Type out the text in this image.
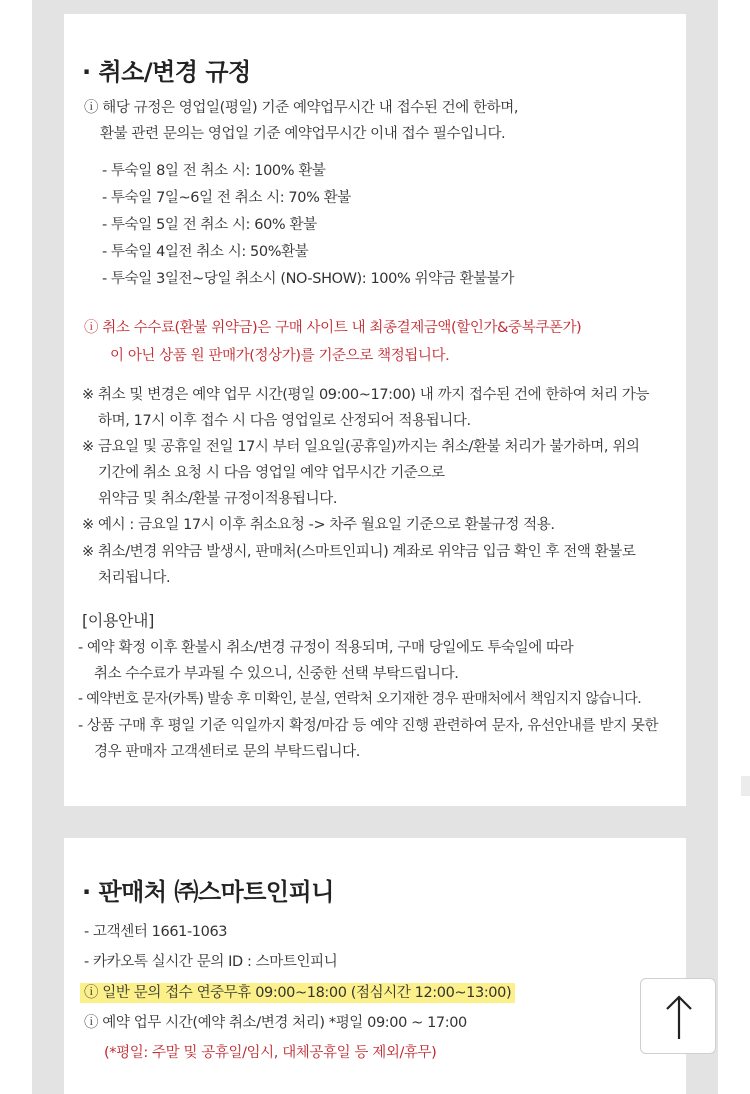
· 취소/변경 규정
ⓘ 해당 규정은 영업일(평일) 기준 예약업무시간 내 접수된 건에 한하며,
환불 관련 문의는 영업일 기준 예약업무시간 이내 접수 필수입니다.
- 투숙일 8일 전 취소 시: 100% 환불
- 투숙일 7일~6일 전 취소 시: 70% 환불
- 투숙일 5일 전 취소 시: 60% 환불
- 투숙일 4일전 취소 시: 50%환불
- 투숙일 3일전~당일 취소시 (NO-SHOW): 100% 위약금 환불불가
ⓘ 취소 수수료(환불 위약금)은 구매 사이트 내 최종결제금액(할인가&중복쿠폰가)
이 아닌 상품 원 판매가(정상가)를 기준으로 책정됩니다.
※ 취소 및 변경은 예약 업무 시간(평일 09:00~17:00) 내 까지 접수된 건에 한하여 처리 가능
하며, 17시 이후 접수 시 다음 영업일로 산정되어 적용됩니다.
※ 금요일 및 공휴일 전일 17시 부터 일요일(공휴일)까지는 취소/환불 처리가 불가하며, 위의
기간에 취소 요청 시 다음 영업일 예약 업무시간 기준으로
위약금 및 취소/환불 규정이적용됩니다.
※ 예시 : 금요일 17시 이후 취소요청 -> 차주 월요일 기준으로 환불규정 적용.
※ 취소/변경 위약금 발생시, 판매처(스마트인피니) 계좌로 위약금 입금 확인 후 전액 환불로
처리됩니다.
[이용안내]
- 예약 확정 이후 환불시 취소/변경 규정이 적용되며, 구매 당일에도 투숙일에 따라
취소 수수료가 부과될 수 있으니, 신중한 선택 부탁드립니다.
- 예약번호 문자(카톡) 발송 후 미확인, 분실, 연락처 오기재한 경우 판매처에서 책임지지 않습니다.
- 상품 구매 후 평일 기준 익일까지 확정/마감 등 예약 진행 관련하여 문자, 유선안내를 받지 못한
경우 판매자 고객센터로 문의 부탁드립니다.
· 판매처 ㈜스마트인피니
- 고객센터 1661-1063
- 카카오톡 실시간 문의 ID : 스마트인피니
ⓘ 일반 문의 접수 연중무휴 09:00~18:00 (점심시간 12:00~13:00)
ⓘ 예약 업무 시간(예약 취소/변경 처리) *평일 09:00 ~ 17:00
(*평일: 주말 및 공휴일/임시, 대체공휴일 등 제외/휴무)
